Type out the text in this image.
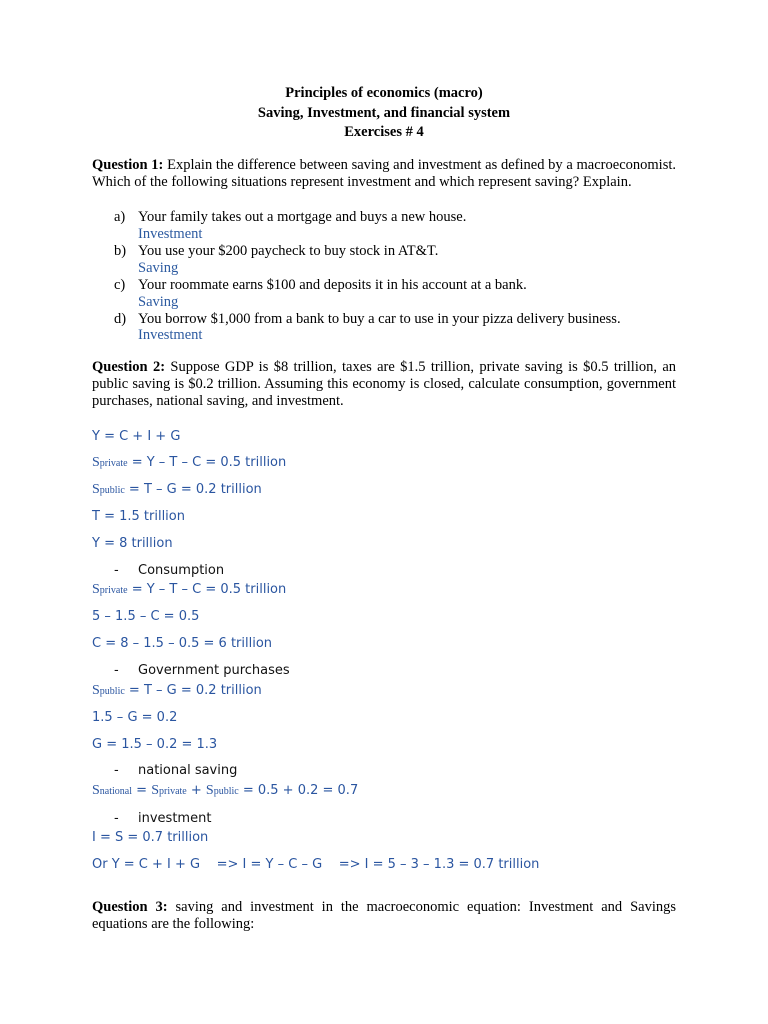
Principles of economics (macro)
Saving, Investment, and financial system
Exercises # 4
Question 1: Explain the difference between saving and investment as defined by a macroeconomist. Which of the following situations represent investment and which represent saving? Explain.
a) Your family takes out a mortgage and buys a new house.
Investment
b) You use your $200 paycheck to buy stock in AT&T.
Saving
c) Your roommate earns $100 and deposits it in his account at a bank.
Saving
d) You borrow $1,000 from a bank to buy a car to use in your pizza delivery business.
Investment
Question 2: Suppose GDP is $8 trillion, taxes are $1.5 trillion, private saving is $0.5 trillion, an public saving is $0.2 trillion. Assuming this economy is closed, calculate consumption, government purchases, national saving, and investment.
Y = C + I + G
Sprivate = Y – T – C = 0.5 trillion
Spublic = T – G = 0.2 trillion
T = 1.5 trillion
Y = 8 trillion
- Consumption
Sprivate = Y – T – C = 0.5 trillion
5 – 1.5 – C = 0.5
C = 8 – 1.5 – 0.5 = 6 trillion
- Government purchases
Spublic = T – G = 0.2 trillion
1.5 – G = 0.2
G = 1.5 – 0.2 = 1.3
- national saving
Snational = Sprivate + Spublic = 0.5 + 0.2 = 0.7
- investment
I = S = 0.7 trillion
Or Y = C + I + G    => I = Y – C – G    => I = 5 – 3 – 1.3 = 0.7 trillion
Question 3: saving and investment in the macroeconomic equation: Investment and Savings equations are the following:
